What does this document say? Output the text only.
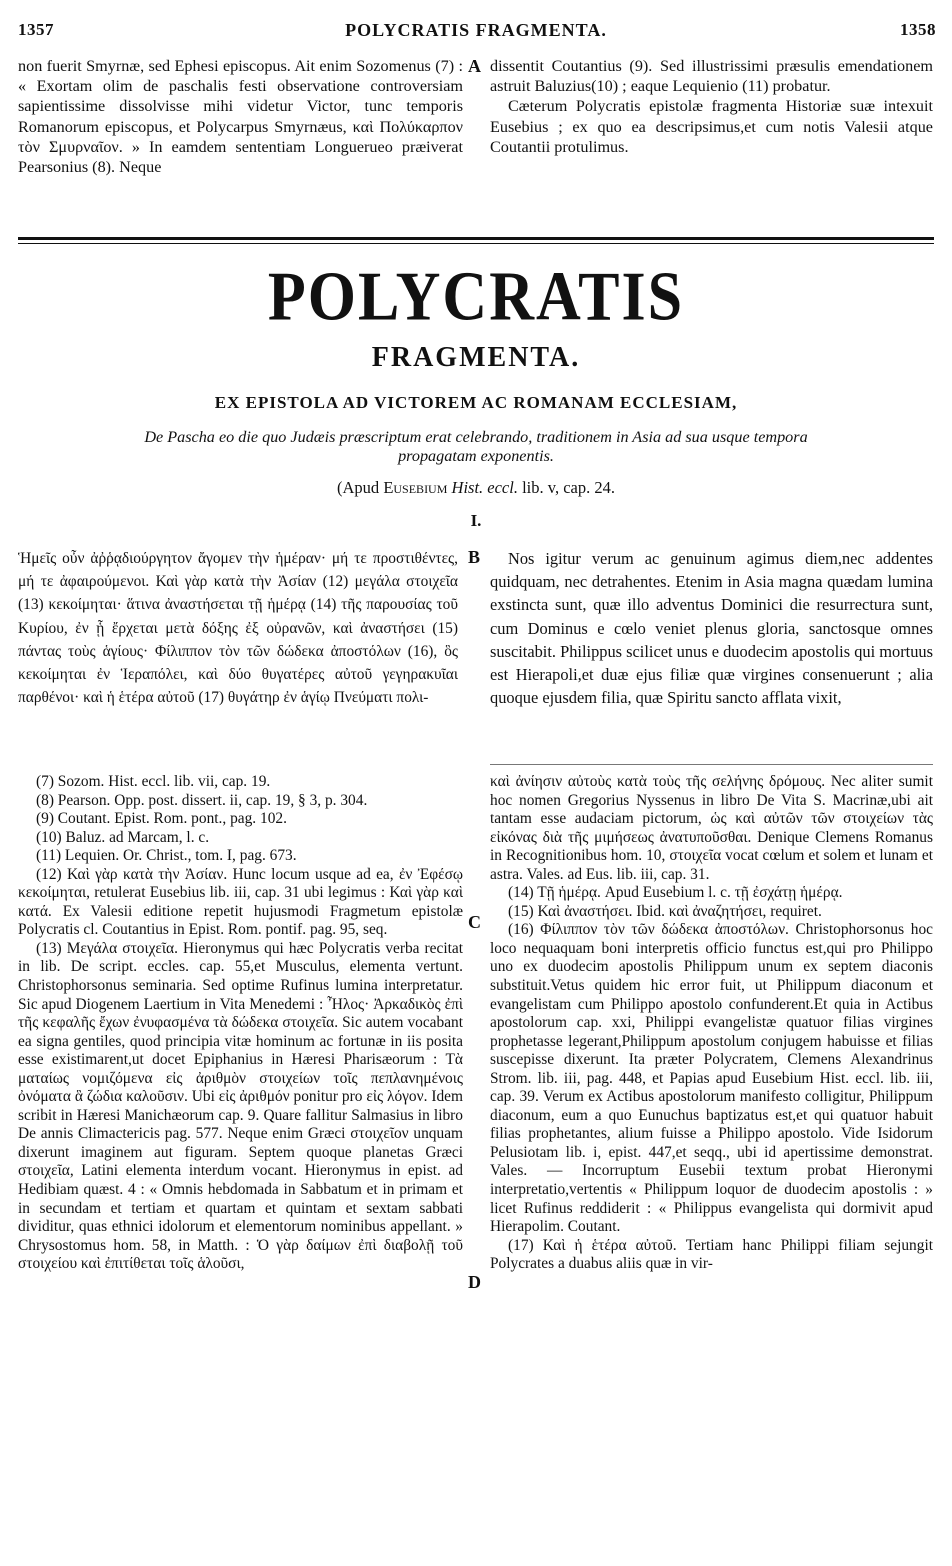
1357	POLYCRATIS FRAGMENTA.	1358

non fuerit Smyrnæ, sed Ephesi episcopus. Ait enim Sozomenus (7) : « Exortam olim de paschalis festi observatione controversiam sapientissime dissolvisse mihi videtur Victor, tunc temporis Romanorum episcopus, et Polycarpus Smyrnæus, καὶ Πολύκαρπον τὸν Σμυρναῖον. » In eamdem sententiam Longuerueo præiverat Pearsonius (8). Neque

A dissentit Coutantius (9). Sed illustrissimi præsulis emendationem astruit Baluzius(10) ; eaque Lequienio (11) probatur.

Cæterum Polycratis epistolæ fragmenta Historiæ suæ intexuit Eusebius ; ex quo ea descripsimus,et cum notis Valesii atque Coutantii protulimus.

POLYCRATIS
FRAGMENTA.
EX EPISTOLA AD VICTOREM AC ROMANAM ECCLESIAM,
De Pascha eo die quo Judæis præscriptum erat celebrando, traditionem in Asia ad sua usque tempora propagatam exponentis.
(Apud Eusebium Hist. eccl. lib. v, cap. 24.
I.

Ἡμεῖς οὖν ἀῤῥᾳδιούργητον ἄγομεν τὴν ἡμέραν· μή τε προστιθέντες, μή τε ἀφαιρούμενοι. Καὶ γὰρ κατὰ τὴν Ἀσίαν (12) μεγάλα στοιχεῖα (13) κεκοίμηται· ἅτινα ἀναστήσεται τῇ ἡμέρᾳ (14) τῆς παρουσίας τοῦ Κυρίου, ἐν ᾗ ἔρχεται μετὰ δόξης ἐξ οὐρανῶν, καὶ ἀναστήσει (15) πάντας τοὺς ἁγίους· Φίλιππον τὸν τῶν δώδεκα ἀποστόλων (16), ὃς κεκοίμηται ἐν Ἱεραπόλει, καὶ δύο θυγατέρες αὐτοῦ γεγηρακυῖαι παρθένοι· καὶ ἡ ἑτέρα αὐτοῦ (17) θυγάτηρ ἐν ἁγίῳ Πνεύματι πολι-

B	Nos igitur verum ac genuinum agimus diem,nec addentes quidquam, nec detrahentes. Etenim in Asia magna quædam lumina exstincta sunt, quæ illo adventus Dominici die resurrectura sunt, cum Dominus e cœlo veniet plenus gloria, sanctosque omnes suscitabit. Philippus scilicet unus e duodecim apostolis qui mortuus est Hierapoli,et duæ ejus filiæ quæ virgines consenuerunt ; alia quoque ejusdem filia, quæ Spiritu sancto afflata vixit,

(7) Sozom. Hist. eccl. lib. vii, cap. 19.

(8) Pearson. Opp. post. dissert. ii, cap. 19, § 3, p. 304.

(9) Coutant. Epist. Rom. pont., pag. 102.

(10) Baluz. ad Marcam, l. c.

(11) Lequien. Or. Christ., tom. I, pag. 673.

(12) Καὶ γὰρ κατὰ τὴν Ἀσίαν. Hunc locum usque ad ea, ἐν Ἐφέσῳ κεκοίμηται, retulerat Eusebius lib. iii, cap. 31 ubi legimus : Καὶ γὰρ καὶ κατά. Ex Valesii editione repetit hujusmodi Fragmetum epistolæ Polycratis cl. Coutantius in Epist. Rom. pontif. pag. 95, seq.

(13) Μεγάλα στοιχεῖα. Hieronymus qui hæc Polycratis verba recitat in lib. De script. eccles. cap. 55,et Musculus, elementa vertunt. Christophorsonus seminaria. Sed optime Rufinus lumina interpretatur. Sic apud Diogenem Laertium in Vita Menedemi : Ἦλος· Ἀρκαδικὸς ἐπὶ τῆς κεφαλῆς ἔχων ἐνυφασμένα τὰ δώδεκα στοιχεῖα. Sic autem vocabant ea signa gentiles, quod principia vitæ hominum ac fortunæ in iis posita esse existimarent,ut docet Epiphanius in Hæresi Pharisæorum : Τὰ ματαίως νομιζόμενα εἰς ἀριθμὸν στοιχείων τοῖς πεπλανημένοις ὀνόματα ἃ ζώδια καλοῦσιν. Ubi εἰς ἀριθμόν ponitur pro εἰς λόγον. Idem scribit in Hæresi Manichæorum cap. 9. Quare fallitur Salmasius in libro De annis Climactericis pag. 577. Neque enim Græci στοιχεῖον unquam dixerunt imaginem aut figuram. Septem quoque planetas Græci στοιχεῖα, Latini elementa interdum vocant. Hieronymus in epist. ad Hedibiam quæst. 4 : « Omnis hebdomada in Sabbatum et in primam et in secundam et tertiam et quartam et quintam et sextam sabbati dividitur, quas ethnici idolorum et elementorum nominibus appellant. » Chrysostomus hom. 58, in Matth. : Ὁ γὰρ δαίμων ἐπὶ διαβολῇ τοῦ στοιχείου καὶ ἐπιτίθεται τοῖς ἁλοῦσι,

C
D

καὶ ἀνίησιν αὐτοὺς κατὰ τοὺς τῆς σελήνης δρόμους. Nec aliter sumit hoc nomen Gregorius Nyssenus in libro De Vita S. Macrinæ,ubi ait tantam esse audaciam pictorum, ὡς καὶ αὐτῶν τῶν στοιχείων τὰς εἰκόνας διὰ τῆς μιμήσεως ἀνατυποῦσθαι. Denique Clemens Romanus in Recognitionibus hom. 10, στοιχεῖα vocat cœlum et solem et lunam et astra. Vales. ad Eus. lib. iii, cap. 31.

(14) Τῇ ἡμέρᾳ. Apud Eusebium l. c. τῇ ἐσχάτῃ ἡμέρᾳ.

(15) Καὶ ἀναστήσει. Ibid. καὶ ἀναζητήσει, requiret.

(16) Φίλιππον τὸν τῶν δώδεκα ἀποστόλων. Christophorsonus hoc loco nequaquam boni interpretis officio functus est,qui pro Philippo uno ex duodecim apostolis Philippum unum ex septem diaconis substituit.Vetus quidem hic error fuit, ut Philippum diaconum et evangelistam cum Philippo apostolo confunderent.Et quia in Actibus apostolorum cap. xxi, Philippi evangelistæ quatuor filias virgines prophetasse legerant,Philippum apostolum conjugem habuisse et filias suscepisse dixerunt. Ita præter Polycratem, Clemens Alexandrinus Strom. lib. iii, pag. 448, et Papias apud Eusebium Hist. eccl. lib. iii, cap. 39. Verum ex Actibus apostolorum manifesto colligitur, Philippum diaconum, eum a quo Eunuchus baptizatus est,et qui quatuor habuit filias prophetantes, alium fuisse a Philippo apostolo. Vide Isidorum Pelusiotam lib. i, epist. 447,et seqq., ubi id apertissime demonstrat. Vales. — Incorruptum Eusebii textum probat Hieronymi interpretatio,vertentis « Philippum loquor de duodecim apostolis : » licet Rufinus reddiderit : « Philippus evangelista qui dormivit apud Hierapolim. Coutant.

(17) Καὶ ἡ ἑτέρα αὐτοῦ. Tertiam hanc Philippi filiam sejungit Polycrates a duabus aliis quæ in vir-
